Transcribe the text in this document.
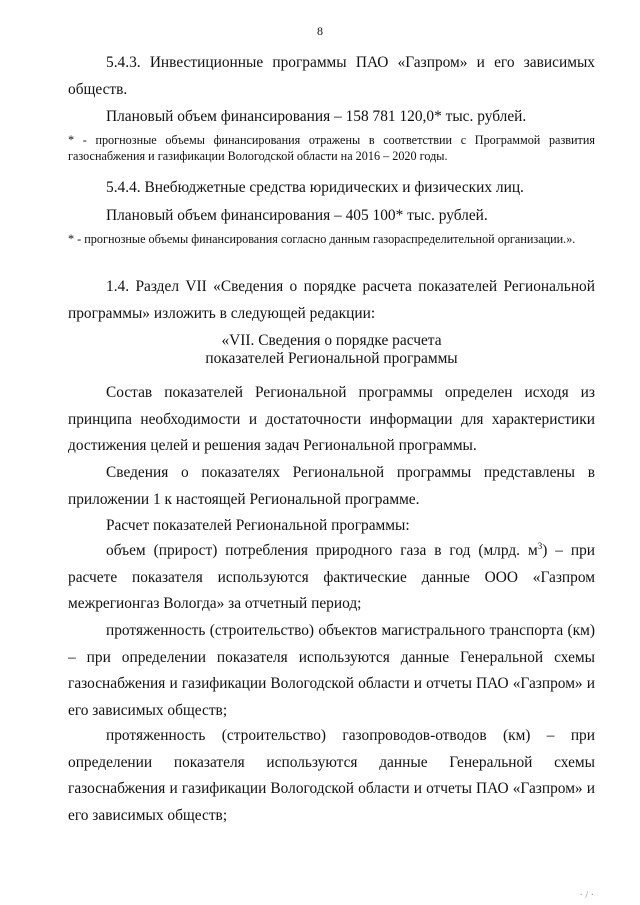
8
5.4.3. Инвестиционные программы ПАО «Газпром» и его зависимых обществ.
Плановый объем финансирования – 158 781 120,0* тыс. рублей.
* - прогнозные объемы финансирования отражены в соответствии с Программой развития газоснабжения и газификации Вологодской области на 2016 – 2020 годы.
5.4.4. Внебюджетные средства юридических и физических лиц.
Плановый объем финансирования – 405 100* тыс. рублей.
* - прогнозные объемы финансирования согласно данным газораспределительной организации.».
1.4. Раздел VII «Сведения о порядке расчета показателей Региональной программы» изложить в следующей редакции:
«VII. Сведения о порядке расчета
показателей Региональной программы
Состав показателей Региональной программы определен исходя из принципа необходимости и достаточности информации для характеристики достижения целей и решения задач Региональной программы.
Сведения о показателях Региональной программы представлены в приложении 1 к настоящей Региональной программе.
Расчет показателей Региональной программы:
объем (прирост) потребления природного газа в год (млрд. $м^3$) – при расчете показателя используются фактические данные ООО «Газпром межрегионгаз Вологда» за отчетный период;
протяженность (строительство) объектов магистрального транспорта (км) – при определении показателя используются данные Генеральной схемы газоснабжения и газификации Вологодской области и отчеты ПАО «Газпром» и его зависимых обществ;
протяженность (строительство) газопроводов-отводов (км) – при определении показателя используются данные Генеральной схемы газоснабжения и газификации Вологодской области и отчеты ПАО «Газпром» и его зависимых обществ;
· / ·
